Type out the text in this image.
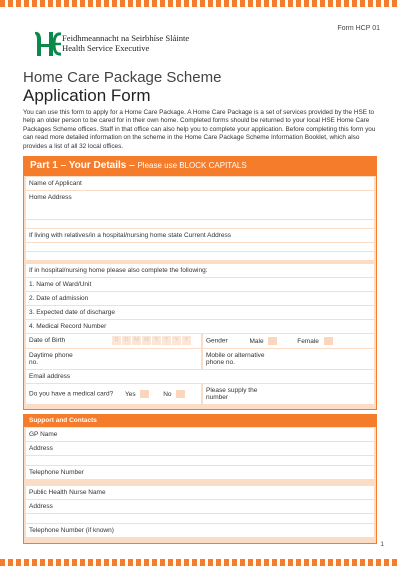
Form HCP 01
Feidhmeannacht na Seirbhíse Sláinte
Health Service Executive
Home Care Package Scheme
Application Form

You can use this form to apply for a Home Care Package. A Home Care Package is a set of services provided by the HSE to help an older person to be cared for in their own home. Completed forms should be returned to your local HSE Home Care Packages Scheme offices. Staff in that office can also help you to complete your application. Before completing this form you can read more detailed information on the scheme in the Home Care Package Scheme Information Booklet, which also provides a list of all 32 local offices.

Part 1 – Your Details – Please use BLOCK CAPITALS
Name of Applicant
Home Address
If living with relatives/in a hospital/nursing home state Current Address
If in hospital/nursing home please also complete the following:
1. Name of Ward/Unit
2. Date of admission
3. Expected date of discharge
4. Medical Record Number
Date of Birth	D	D	M M	Y	Y	Y	Y	Gender	Male	Female
Daytime phone no.
Mobile or alternative phone no.
Email address
Do you have a medical card? Yes	No
Please supply the number
Support and Contacts
GP Name
Address
Telephone Number
Public Health Nurse Name
Address
Telephone Number (if known)
1
